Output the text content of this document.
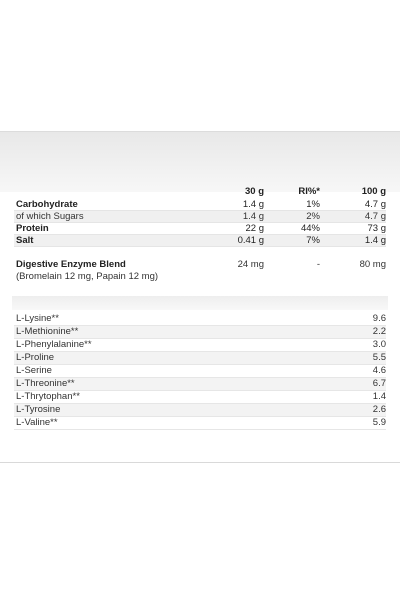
30 g	RI%*	100 g
Carbohydrate	1.4 g	1%	4.7 g
of which Sugars	1.4 g	2%	4.7 g
Protein	22 g	44%	73 g
Salt	0.41 g	7%	1.4 g
Digestive Enzyme Blend	24 mg	-	80 mg
(Bromelain 12 mg, Papain 12 mg)
L-Lysine**	9.6
L-Methionine**	2.2
L-Phenylalanine**	3.0
L-Proline	5.5
L-Serine	4.6
L-Threonine**	6.7
L-Thrytophan**	1.4
L-Tyrosine	2.6
L-Valine**	5.9
